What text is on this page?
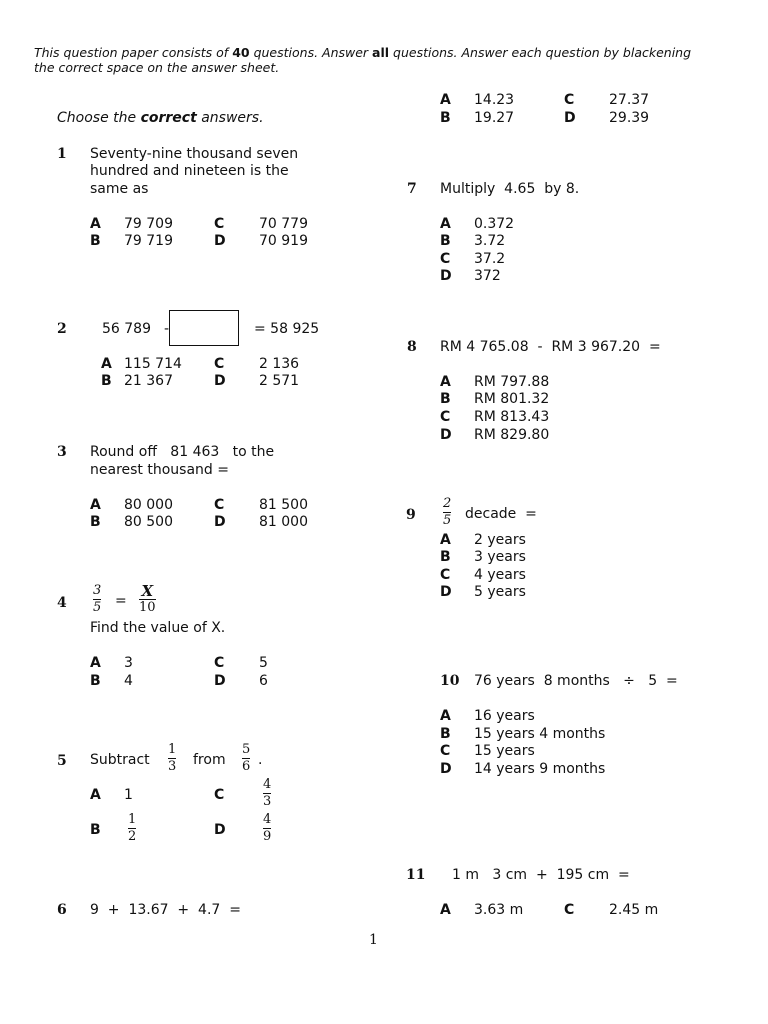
This question paper consists of 40 questions. Answer all questions. Answer each question by blackening
the correct space on the answer sheet.
Choose the correct answers.
1 Seventy-nine thousand seven
hundred and nineteen is the
same as
A 79 709	C 70 779
B 79 719	D 70 919
2	56 789 -	= 58 925
A 115 714 C 2 136
B 21 367	D 2 571
3 Round off   81 463   to the
nearest thousand =
A 80 000	C 81 500
B 80 500	D 81 000
4
3
5 =
X
10
Find the value of X.
A 3	C 5
B 4	D 6
5 Subtract
1
3 from
5
6 .
A 1	C
4
3
B
1
2	D
4
9
6 9  +  13.67  +  4.7  =
A 14.23	C 27.37
B 19.27	D 29.39
7 Multiply  4.65  by 8.
A 0.372
B 3.72
C 37.2
D 372
8 RM 4 765.08  -  RM 3 967.20  =
A RM 797.88
B RM 801.32
C RM 813.43
D RM 829.80
9
2
5 decade  =
A 2 years
B 3 years
C 4 years
D 5 years
10 76 years  8 months   ÷   5  =
A 16 years
B 15 years 4 months
C 15 years
D 14 years 9 months
11 1 m   3 cm  +  195 cm  =
A 3.63 m	C 2.45 m
1
